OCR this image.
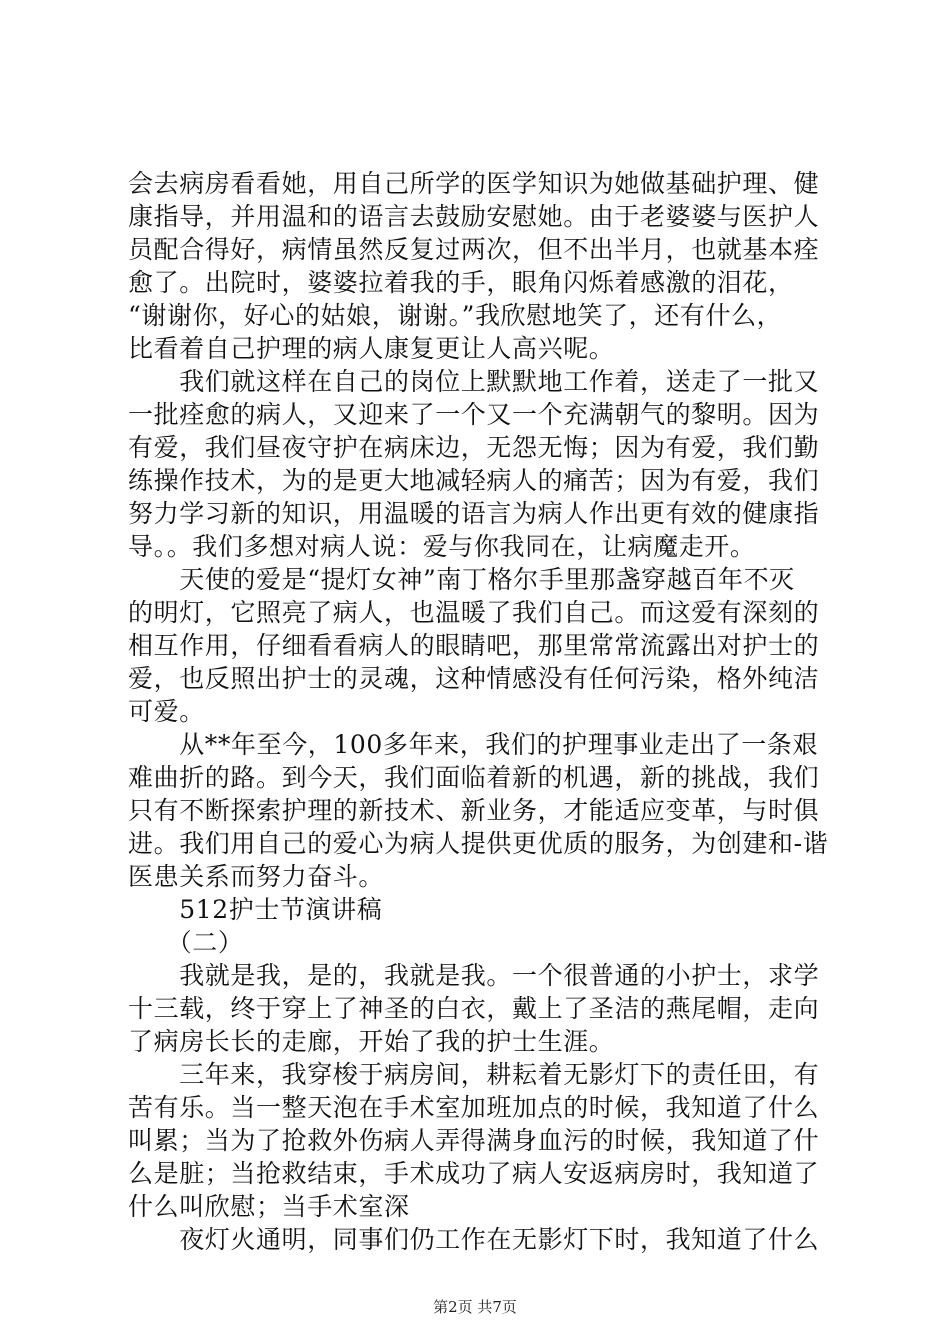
会去病房看看她，用自己所学的医学知识为她做基础护理、健
康指导，并用温和的语言去鼓励安慰她。由于老婆婆与医护人
员配合得好，病情虽然反复过两次，但不出半月，也就基本痊
愈了。出院时，婆婆拉着我的手，眼角闪烁着感激的泪花，
“谢谢你，好心的姑娘，谢谢。”我欣慰地笑了，还有什么，
比看着自己护理的病人康复更让人高兴呢。
　　我们就这样在自己的岗位上默默地工作着，送走了一批又
一批痊愈的病人，又迎来了一个又一个充满朝气的黎明。因为
有爱，我们昼夜守护在病床边，无怨无悔；因为有爱，我们勤
练操作技术，为的是更大地减轻病人的痛苦；因为有爱，我们
努力学习新的知识，用温暖的语言为病人作出更有效的健康指
导。。我们多想对病人说：爱与你我同在，让病魔走开。
　　天使的爱是“提灯女神”南丁格尔手里那盏穿越百年不灭
的明灯，它照亮了病人，也温暖了我们自己。而这爱有深刻的
相互作用，仔细看看病人的眼睛吧，那里常常流露出对护士的
爱，也反照出护士的灵魂，这种情感没有任何污染，格外纯洁
可爱。
　　从**年至今，100多年来，我们的护理事业走出了一条艰
难曲折的路。到今天，我们面临着新的机遇，新的挑战，我们
只有不断探索护理的新技术、新业务，才能适应变革，与时俱
进。我们用自己的爱心为病人提供更优质的服务，为创建和-谐
医患关系而努力奋斗。
　　512护士节演讲稿
　　（二）
　　我就是我，是的，我就是我。一个很普通的小护士，求学
十三载，终于穿上了神圣的白衣，戴上了圣洁的燕尾帽，走向
了病房长长的走廊，开始了我的护士生涯。
　　三年来，我穿梭于病房间，耕耘着无影灯下的责任田，有
苦有乐。当一整天泡在手术室加班加点的时候，我知道了什么
叫累；当为了抢救外伤病人弄得满身血污的时候，我知道了什
么是脏；当抢救结束，手术成功了病人安返病房时，我知道了
什么叫欣慰；当手术室深
　　夜灯火通明，同事们仍工作在无影灯下时，我知道了什么
第2页 共7页
